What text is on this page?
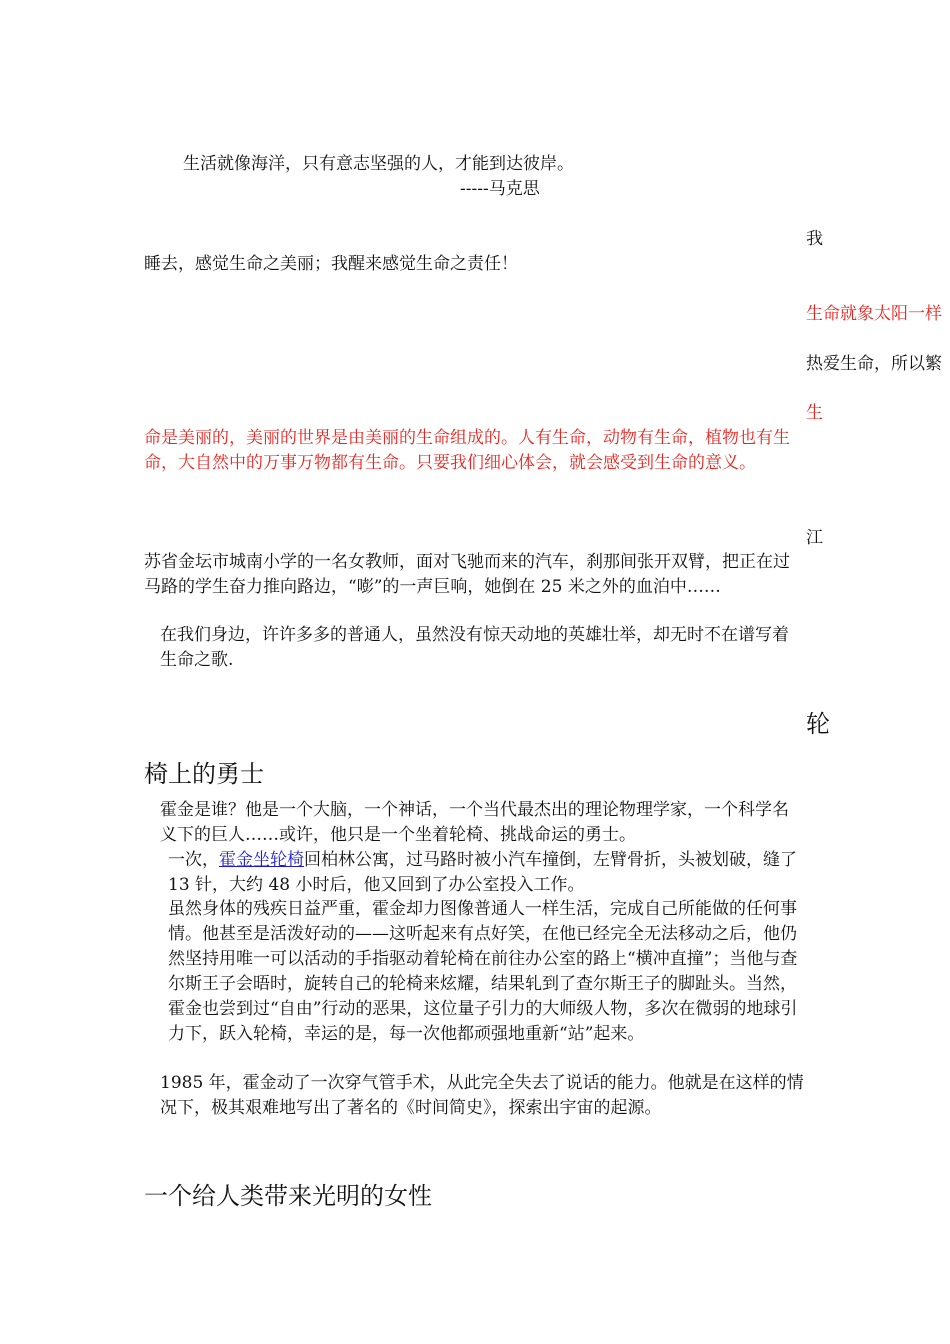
生活就像海洋，只有意志坚强的人，才能到达彼岸。

-----马克思

我

睡去，感觉生命之美丽；我醒来感觉生命之责任！

生命就象太阳一样

热爱生命，所以繁

生

命是美丽的，美丽的世界是由美丽的生命组成的。人有生命，动物有生命，植物也有生命，大自然中的万事万物都有生命。只要我们细心体会，就会感受到生命的意义。

江

苏省金坛市城南小学的一名女教师，面对飞驰而来的汽车，刹那间张开双臂，把正在过马路的学生奋力推向路边，“嘭”的一声巨响，她倒在 25 米之外的血泊中……

在我们身边，许许多多的普通人，虽然没有惊天动地的英雄壮举，却无时不在谱写着生命之歌.

轮

椅上的勇士

霍金是谁？他是一个大脑，一个神话，一个当代最杰出的理论物理学家，一个科学名义下的巨人……或许，他只是一个坐着轮椅、挑战命运的勇士。

一次，霍金坐轮椅回柏林公寓，过马路时被小汽车撞倒，左臂骨折，头被划破，缝了 13 针，大约 48 小时后，他又回到了办公室投入工作。

虽然身体的残疾日益严重，霍金却力图像普通人一样生活，完成自己所能做的任何事情。他甚至是活泼好动的——这听起来有点好笑，在他已经完全无法移动之后，他仍然坚持用唯一可以活动的手指驱动着轮椅在前往办公室的路上“横冲直撞”；当他与查尔斯王子会晤时，旋转自己的轮椅来炫耀，结果轧到了查尔斯王子的脚趾头。当然，霍金也尝到过“自由”行动的恶果，这位量子引力的大师级人物，多次在微弱的地球引力下，跃入轮椅，幸运的是，每一次他都顽强地重新“站”起来。

1985 年，霍金动了一次穿气管手术，从此完全失去了说话的能力。他就是在这样的情况下，极其艰难地写出了著名的《时间简史》，探索出宇宙的起源。

一个给人类带来光明的女性
